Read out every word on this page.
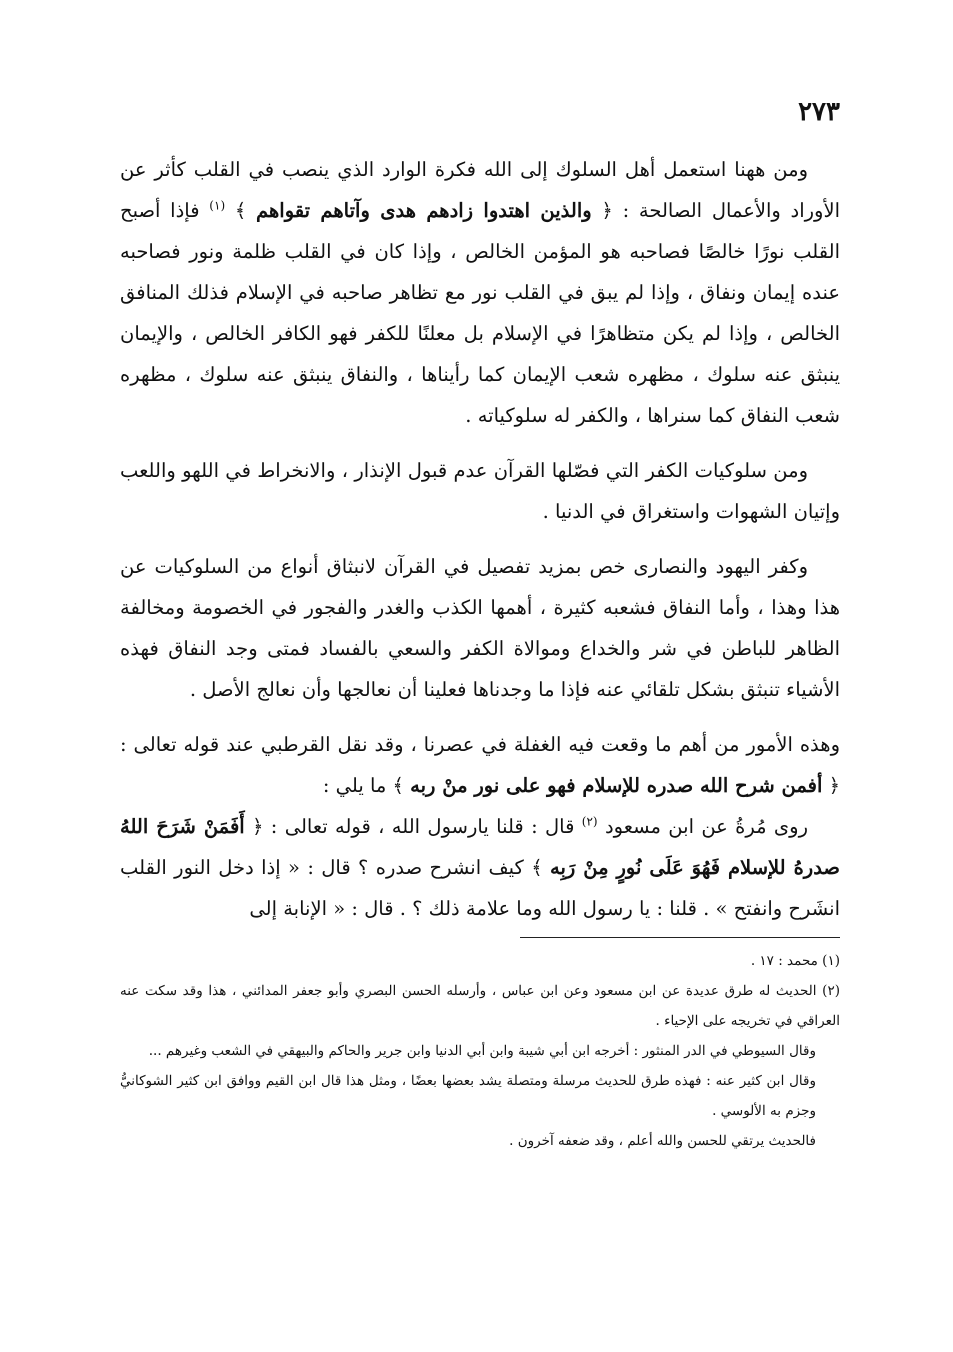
٢٧٣

ومن ههنا استعمل أهل السلوك إلى الله فكرة الوارد الذي ينصب في القلب كأثر عن الأوراد والأعمال الصالحة : ﴿ والذين اهتدوا زادهم هدى وآتاهم تقواهم ﴾ $^{(١)}$ فإذا أصبح القلب نورًا خالصًا فصاحبه هو المؤمن الخالص ، وإذا كان في القلب ظلمة ونور فصاحبه عنده إيمان ونفاق ، وإذا لم يبق في القلب نور مع تظاهر صاحبه في الإسلام فذلك المنافق الخالص ، وإذا لم يكن متظاهرًا في الإسلام بل معلنًا للكفر فهو الكافر الخالص ، والإيمان ينبثق عنه سلوك ، مظهره شعب الإيمان كما رأيناها ، والنفاق ينبثق عنه سلوك ، مظهره شعب النفاق كما سنراها ، والكفر له سلوكياته .

ومن سلوكيات الكفر التي فصّلها القرآن عدم قبول الإنذار ، والانخراط في اللهو واللعب وإتيان الشهوات واستغراق في الدنيا .

وكفر اليهود والنصارى خص بمزيد تفصيل في القرآن لانبثاق أنواع من السلوكيات عن هذا وهذا ، وأما النفاق فشعبه كثيرة ، أهمها الكذب والغدر والفجور في الخصومة ومخالفة الظاهر للباطن في شر والخداع وموالاة الكفر والسعي بالفساد فمتى وجد النفاق فهذه الأشياء تنبثق بشكل تلقائي عنه فإذا ما وجدناها فعلينا أن نعالجها وأن نعالج الأصل .

وهذه الأمور من أهم ما وقعت فيه الغفلة في عصرنا ، وقد نقل القرطبي عند قوله تعالى : ﴿ أفمن شرح الله صدره للإسلام فهو على نور منْ ربه ﴾ ما يلي :

روى مُرةُ عن ابن مسعود $^{(٢)}$ قال : قلنا يارسول الله ، قوله تعالى : ﴿ أَفَمَنْ شَرَحَ اللهُ صدرهُ للإسلام فَهُوَ عَلَى نُورٍ مِنْ رَبِه ﴾ كيف انشرح صدره ؟ قال : « إذا دخل النور القلب انشَرح وانفتح » . قلنا : يا رسول الله وما علامة ذلك ؟ . قال : « الإنابة إلى

(١) محمد : ١٧ .

(٢) الحديث له طرق عديدة عن ابن مسعود وعن ابن عباس ، وأرسله الحسن البصري وأبو جعفر المدائني ، هذا وقد سكت عنه العراقي في تخريجه على الإحياء .

وقال السيوطي في الدر المنثور : أخرجه ابن أبي شيبة وابن أبي الدنيا وابن جرير والحاكم والبيهقي في الشعب وغيرهم ...

وقال ابن كثير عنه : فهذه طرق للحديث مرسلة ومتصلة يشد بعضها بعضًا ، ومثل هذا قال ابن القيم ووافق ابن كثير الشوكانيُّ وجزم به الألوسي .

فالحديث يرتقي للحسن والله أعلم ، وقد ضعفه آخرون .
